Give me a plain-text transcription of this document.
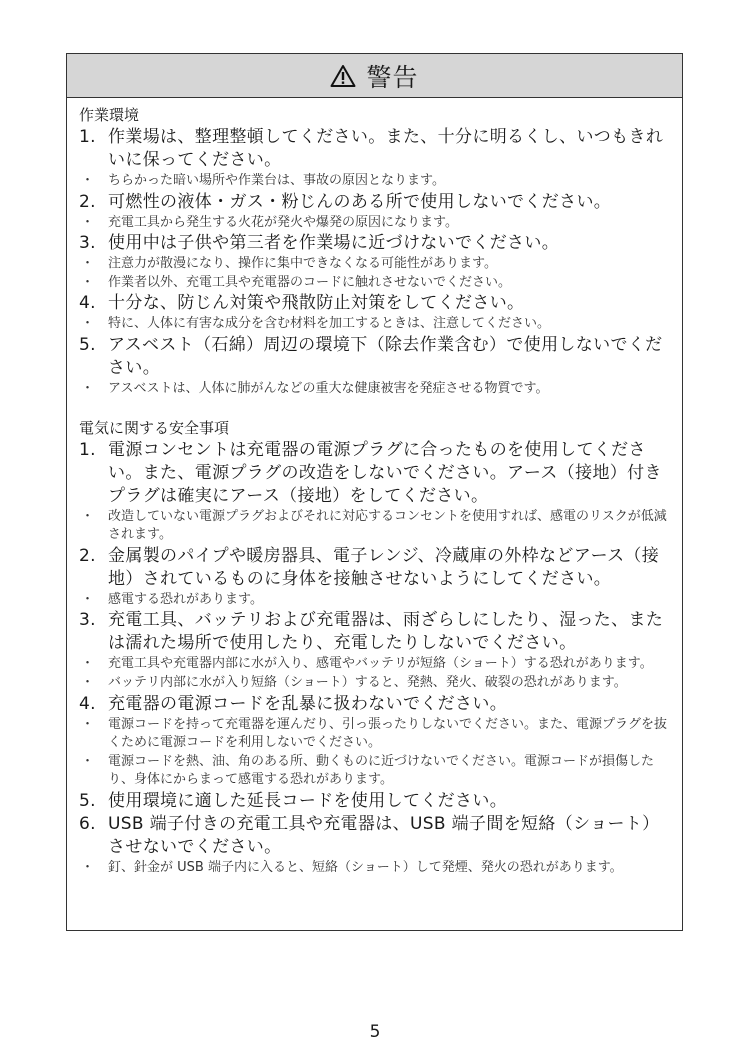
警告
作業環境
1. 作業場は、整理整頓してください。また、十分に明るくし、いつもきれいに保ってください。
・	ちらかった暗い場所や作業台は、事故の原因となります。
2. 可燃性の液体・ガス・粉じんのある所で使用しないでください。
・	充電工具から発生する火花が発火や爆発の原因になります。
3. 使用中は子供や第三者を作業場に近づけないでください。
・	注意力が散漫になり、操作に集中できなくなる可能性があります。
・	作業者以外、充電工具や充電器のコードに触れさせないでください。
4. 十分な、防じん対策や飛散防止対策をしてください。
・	特に、人体に有害な成分を含む材料を加工するときは、注意してください。
5. アスベスト（石綿）周辺の環境下（除去作業含む）で使用しないでください。
・	アスベストは、人体に肺がんなどの重大な健康被害を発症させる物質です。
電気に関する安全事項
1. 電源コンセントは充電器の電源プラグに合ったものを使用してください。また、電源プラグの改造をしないでください。アース（接地）付きプラグは確実にアース（接地）をしてください。
・	改造していない電源プラグおよびそれに対応するコンセントを使用すれば、感電のリスクが低減されます。
2. 金属製のパイプや暖房器具、電子レンジ、冷蔵庫の外枠などアース（接地）されているものに身体を接触させないようにしてください。
・	感電する恐れがあります。
3. 充電工具、バッテリおよび充電器は、雨ざらしにしたり、湿った、または濡れた場所で使用したり、充電したりしないでください。
・	充電工具や充電器内部に水が入り、感電やバッテリが短絡（ショート）する恐れがあります。
・	バッテリ内部に水が入り短絡（ショート）すると、発熱、発火、破裂の恐れがあります。
4. 充電器の電源コードを乱暴に扱わないでください。
・	電源コードを持って充電器を運んだり、引っ張ったりしないでください。また、電源プラグを抜くために電源コードを利用しないでください。
・	電源コードを熱、油、角のある所、動くものに近づけないでください。電源コードが損傷したり、身体にからまって感電する恐れがあります。
5. 使用環境に適した延長コードを使用してください。
6. USB 端子付きの充電工具や充電器は、USB 端子間を短絡（ショート）させないでください。
・	釘、針金が USB 端子内に入ると、短絡（ショート）して発煙、発火の恐れがあります。
5
